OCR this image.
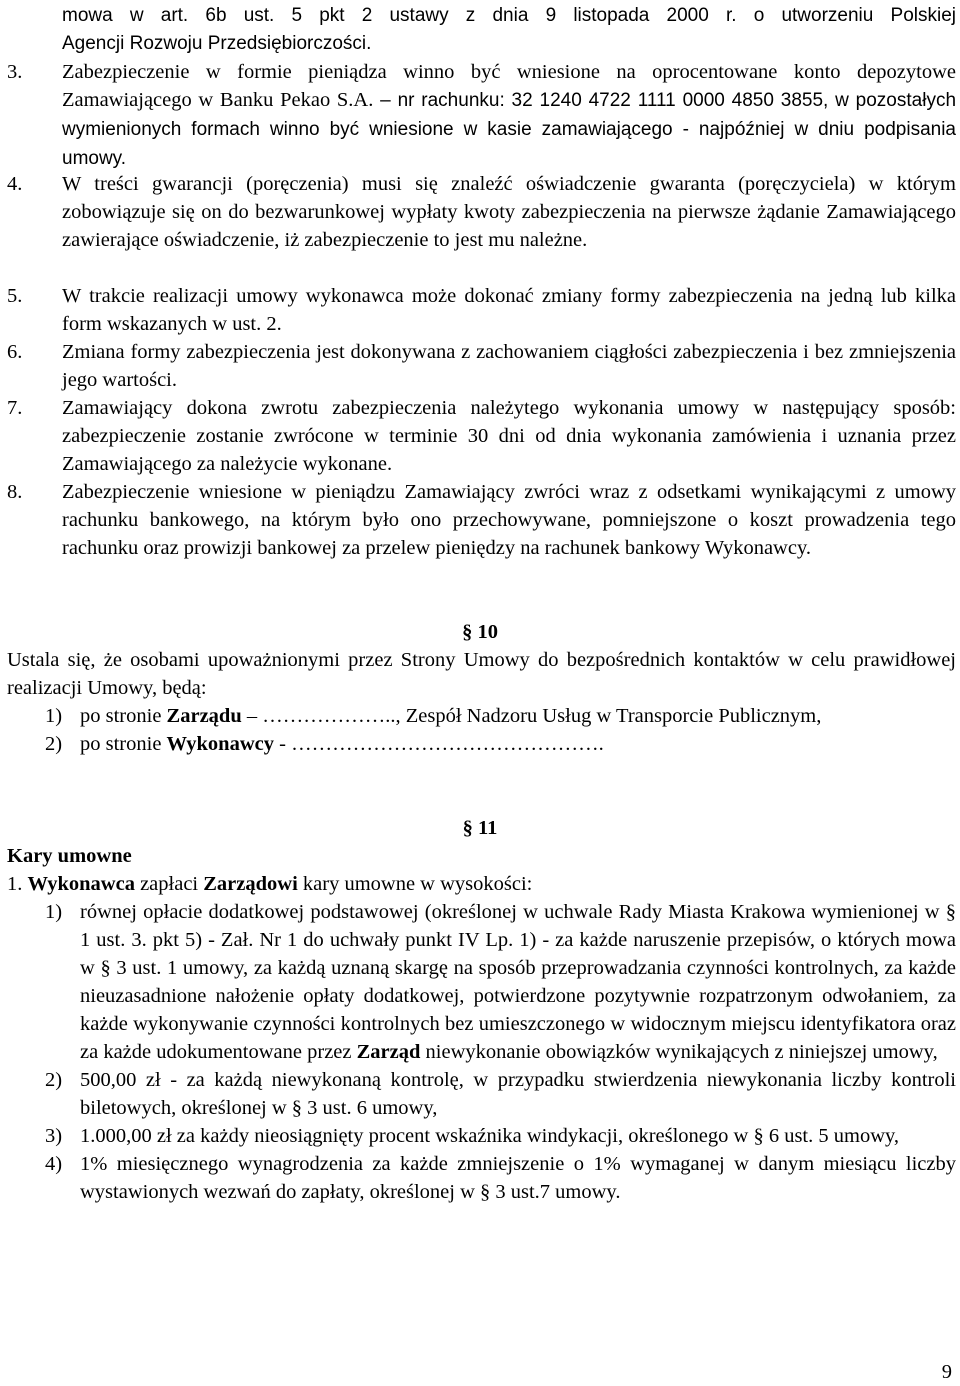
mowa w art. 6b ust. 5 pkt 2 ustawy z dnia 9 listopada 2000 r. o utworzeniu Polskiej
Agencji Rozwoju Przedsiębiorczości.
3. Zabezpieczenie w formie pieniądza winno być wniesione na oprocentowane konto depozytowe Zamawiającego w Banku Pekao S.A. – nr rachunku: 32 1240 4722 1111 0000 4850 3855, w pozostałych wymienionych formach winno być wniesione w kasie zamawiającego - najpóźniej w dniu podpisania umowy.
4. W treści gwarancji (poręczenia) musi się znaleźć oświadczenie gwaranta (poręczyciela) w którym zobowiązuje się on do bezwarunkowej wypłaty kwoty zabezpieczenia na pierwsze żądanie Zamawiającego zawierające oświadczenie, iż zabezpieczenie to jest mu należne.
5. W trakcie realizacji umowy wykonawca może dokonać zmiany formy zabezpieczenia na jedną lub kilka form wskazanych w ust. 2.
6. Zmiana formy zabezpieczenia jest dokonywana z zachowaniem ciągłości zabezpieczenia i bez zmniejszenia jego wartości.
7. Zamawiający dokona zwrotu zabezpieczenia należytego wykonania umowy w następujący sposób: zabezpieczenie zostanie zwrócone w terminie 30 dni od dnia wykonania zamówienia i uznania przez Zamawiającego za należycie wykonane.
8. Zabezpieczenie wniesione w pieniądzu Zamawiający zwróci wraz z odsetkami wynikającymi z umowy rachunku bankowego, na którym było ono przechowywane, pomniejszone o koszt prowadzenia tego rachunku oraz prowizji bankowej za przelew pieniędzy na rachunek bankowy Wykonawcy.
§ 10
Ustala się, że osobami upoważnionymi przez Strony Umowy do bezpośrednich kontaktów w celu prawidłowej realizacji Umowy, będą:
1) po stronie Zarządu – ……………….., Zespół Nadzoru Usług w Transporcie Publicznym,
2) po stronie Wykonawcy - ……………………………………….
§ 11
Kary umowne
1. Wykonawca zapłaci Zarządowi kary umowne w wysokości:
1) równej opłacie dodatkowej podstawowej (określonej w uchwale Rady Miasta Krakowa wymienionej w § 1 ust. 3. pkt 5) - Zał. Nr 1 do uchwały punkt IV Lp. 1) - za każde naruszenie przepisów, o których mowa w § 3 ust. 1 umowy, za każdą uznaną skargę na sposób przeprowadzania czynności kontrolnych, za każde nieuzasadnione nałożenie opłaty dodatkowej, potwierdzone pozytywnie rozpatrzonym odwołaniem, za każde wykonywanie czynności kontrolnych bez umieszczonego w widocznym miejscu identyfikatora oraz za każde udokumentowane przez Zarząd niewykonanie obowiązków wynikających z niniejszej umowy,
2) 500,00 zł - za każdą niewykonaną kontrolę, w przypadku stwierdzenia niewykonania liczby kontroli biletowych, określonej w § 3 ust. 6 umowy,
3) 1.000,00 zł za każdy nieosiągnięty procent wskaźnika windykacji, określonego w § 6 ust. 5 umowy,
4) 1% miesięcznego wynagrodzenia za każde zmniejszenie o 1% wymaganej w danym miesiącu liczby wystawionych wezwań do zapłaty, określonej w § 3 ust.7 umowy.
9
